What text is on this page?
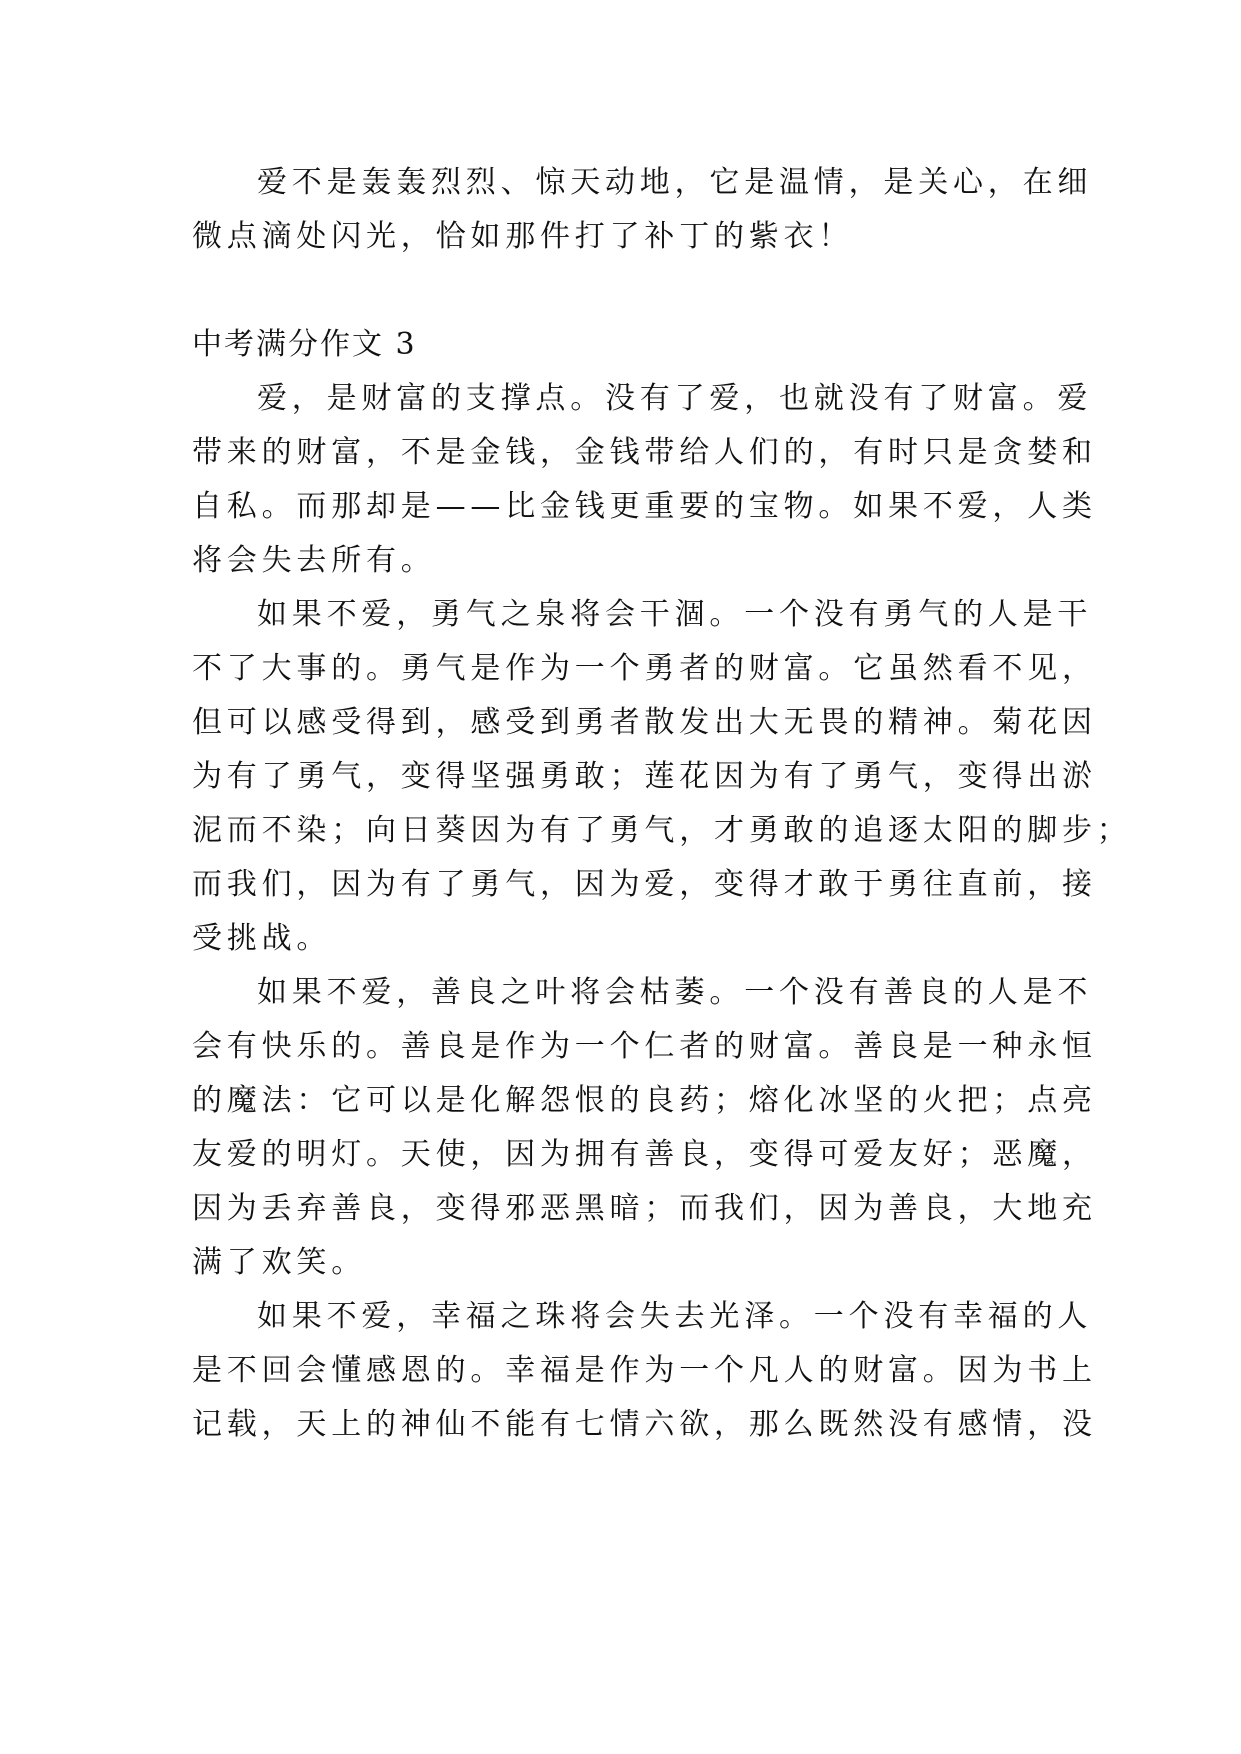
爱不是轰轰烈烈、惊天动地，它是温情，是关心，在细
微点滴处闪光，恰如那件打了补丁的紫衣！
中考满分作文 3
爱，是财富的支撑点。没有了爱，也就没有了财富。爱
带来的财富，不是金钱，金钱带给人们的，有时只是贪婪和
自私。而那却是——比金钱更重要的宝物。如果不爱，人类
将会失去所有。
如果不爱，勇气之泉将会干涸。一个没有勇气的人是干
不了大事的。勇气是作为一个勇者的财富。它虽然看不见，
但可以感受得到，感受到勇者散发出大无畏的精神。菊花因
为有了勇气，变得坚强勇敢；莲花因为有了勇气，变得出淤
泥而不染；向日葵因为有了勇气，才勇敢的追逐太阳的脚步；
而我们，因为有了勇气，因为爱，变得才敢于勇往直前，接
受挑战。
如果不爱，善良之叶将会枯萎。一个没有善良的人是不
会有快乐的。善良是作为一个仁者的财富。善良是一种永恒
的魔法：它可以是化解怨恨的良药；熔化冰坚的火把；点亮
友爱的明灯。天使，因为拥有善良，变得可爱友好；恶魔，
因为丢弃善良，变得邪恶黑暗；而我们，因为善良，大地充
满了欢笑。
如果不爱，幸福之珠将会失去光泽。一个没有幸福的人
是不回会懂感恩的。幸福是作为一个凡人的财富。因为书上
记载，天上的神仙不能有七情六欲，那么既然没有感情，没
